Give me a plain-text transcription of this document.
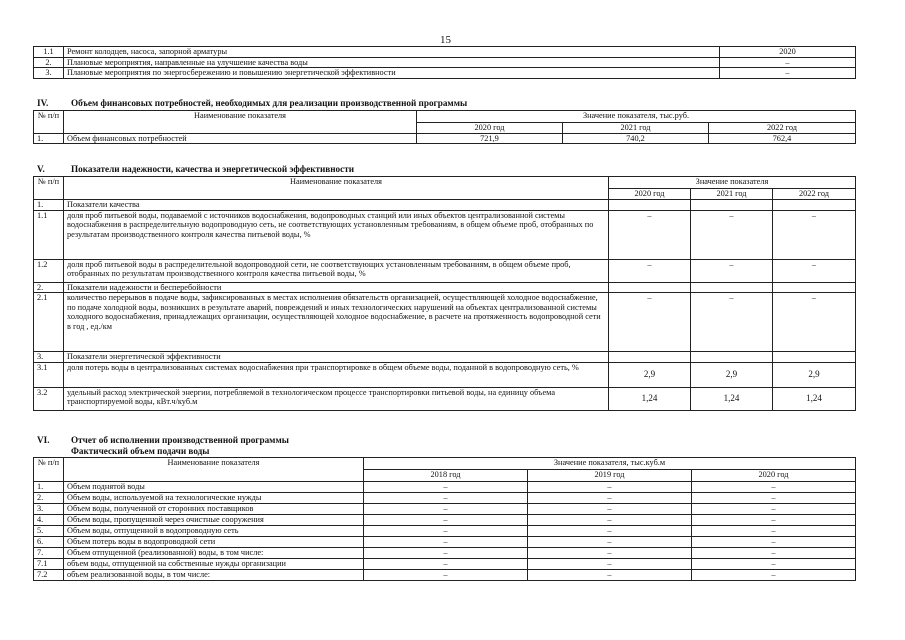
15
1.1	Ремонт колодцев, насоса, запорной арматуры	2020
2.	Плановые мероприятия, направленные на улучшение качества воды	–
3.	Плановые мероприятия по энергосбережению и повышению энергетической эффективности	–
IV. Объем финансовых потребностей, необходимых для реализации производственной программы
№ п/п	Наименование показателя	Значение показателя, тыс.руб.		
		2020 год	2021 год	2022 год
1.	Объем финансовых потребностей	721,9	740,2	762,4
V.	Показатели надежности, качества и энергетической эффективности
№ п/п	Наименование показателя	Значение показателя		
		2020 год	2021 год	2022 год
1.	Показатели качества			
1.1	доля проб питьевой воды, подаваемой с источников водоснабжения, водопроводных станций или иных объектов централизованной системы водоснабжения в распределительную водопроводную сеть, не соответствующих установленным требованиям, в общем объеме проб, отобранных по результатам производственного контроля качества питьевой воды, %	–	–	–
1.2	доля проб питьевой воды в распределительной водопроводной сети, не соответствующих установленным требованиям, в общем объеме проб, отобранных по результатам производственного контроля качества питьевой воды, %	–	–	–
2.	Показатели надежности и бесперебойности			
2.1	количество перерывов в подаче воды, зафиксированных в местах исполнения обязательств организацией, осуществляющей холодное водоснабжение, по подаче холодной воды, возникших в результате аварий, повреждений и иных технологических нарушений на объектах централизованной системы холодного водоснабжения, принадлежащих организации, осуществляющей холодное водоснабжение, в расчете на протяженность водопроводной сети в год , ед./км	–	–	–
3.	Показатели энергетической эффективности			
3.1	доля потерь воды в централизованных системах водоснабжения при транспортировке в общем объеме воды, поданной в водопроводную сеть, %	2,9	2,9	2,9
3.2	удельный расход электрической энергии, потребляемой в технологическом процессе транспортировки питьевой воды, на единицу объема транспортируемой воды, кВт.ч/куб.м	1,24	1,24	1,24
VI. Отчет об исполнении производственной программы
Фактический объем подачи воды
№ п/п	Наименование показателя	Значение показателя, тыс.куб.м		
		2018 год	2019 год	2020 год
1.	Объем поднятой воды	–	–	–
2.	Объем воды, используемой на технологические нужды	–	–	–
3.	Объем воды, полученной от сторонних поставщиков	–	–	–
4.	Объем воды, пропущенной через очистные сооружения	–	–	–
5.	Объем воды, отпущенной в водопроводную сеть	–	–	–
6.	Объем потерь воды в водопроводной сети	–	–	–
7.	Объем отпущенной (реализованной) воды, в том числе:	–	–	–
7.1	объем воды, отпущенной на собственные нужды организации	–	–	–
7.2	объем реализованной воды, в том числе:	–	–	–
